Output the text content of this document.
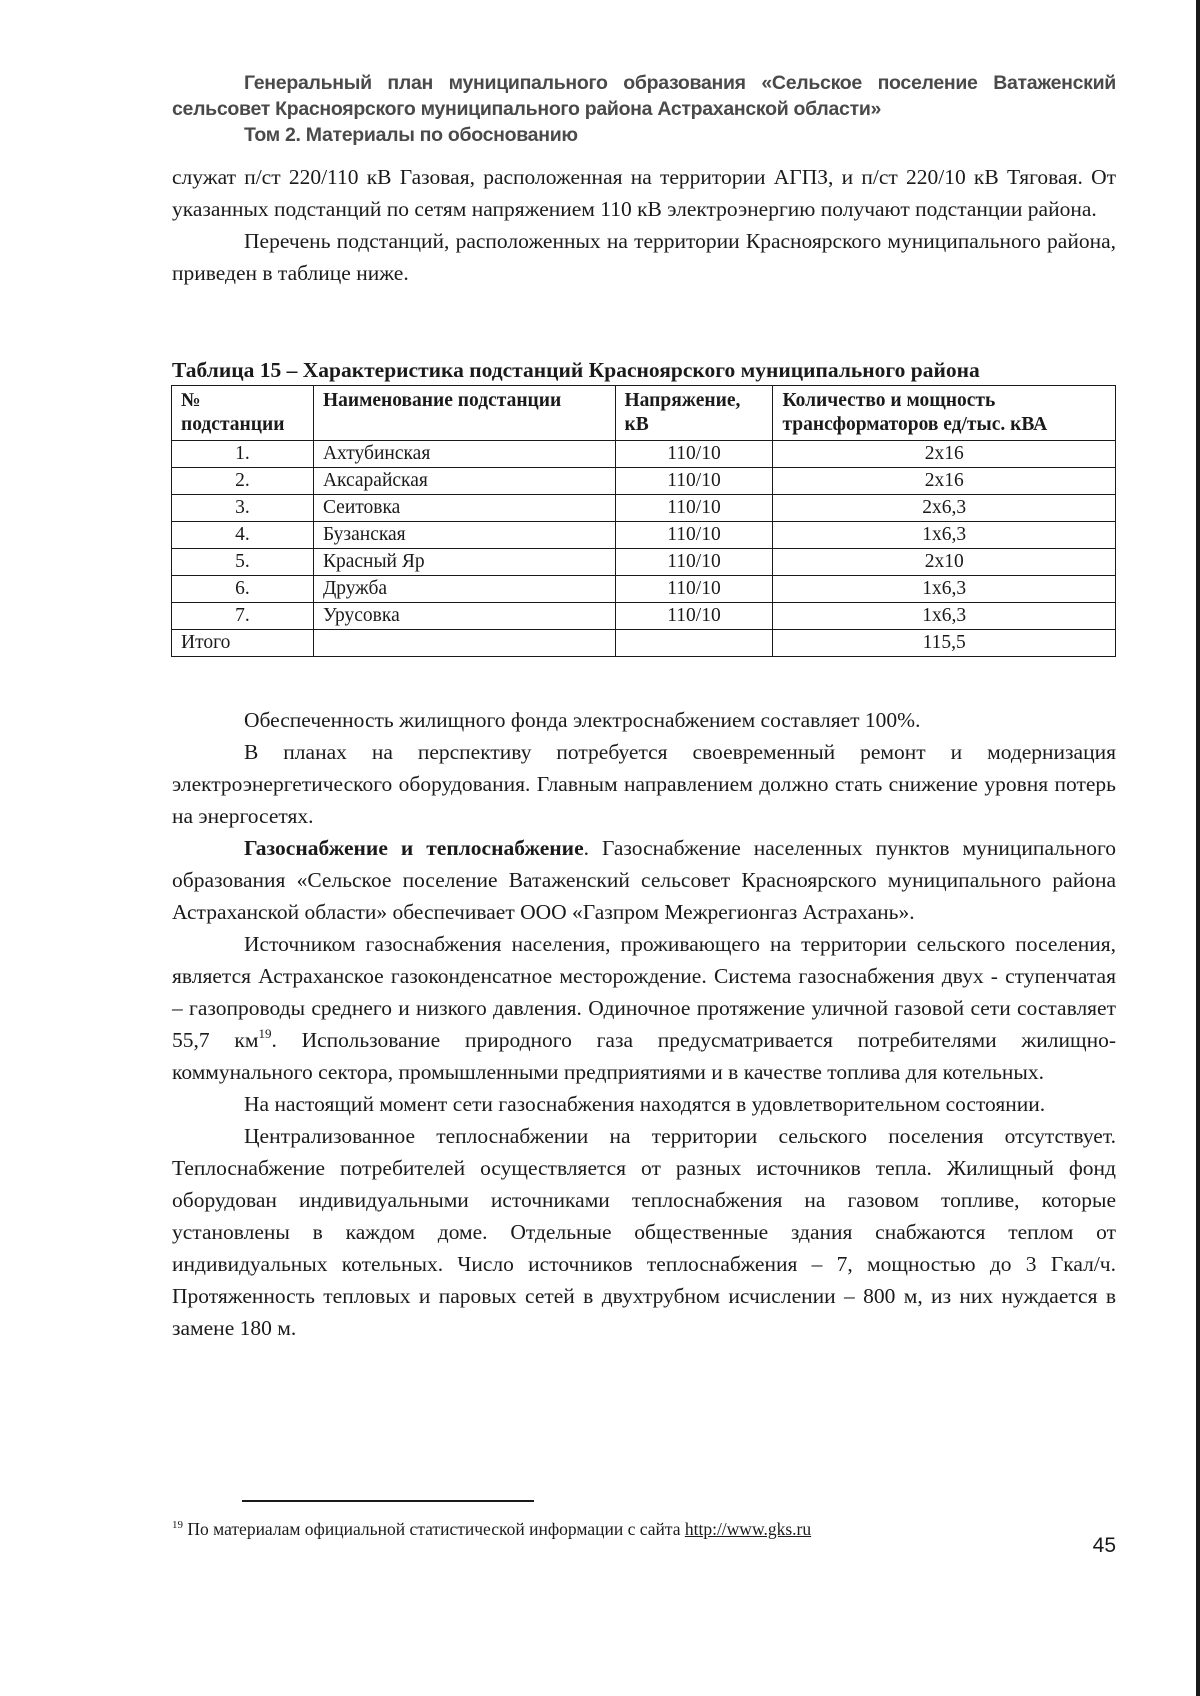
Генеральный план муниципального образования «Сельское поселение Ватаженский
сельсовет Красноярского муниципального района Астраханской области»
Том 2. Материалы по обоснованию

служат п/ст 220/110 кВ Газовая, расположенная на территории АГПЗ, и п/ст 220/10 кВ Тяговая. От указанных подстанций по сетям напряжением 110 кВ электроэнергию получают подстанции района.

Перечень подстанций, расположенных на территории Красноярского муниципального района, приведен в таблице ниже.

Таблица 15 – Характеристика подстанций Красноярского муниципального района
№ подстанции	Наименование подстанции	Напряжение, кВ	Количество и мощность трансформаторов ед/тыс. кВА
1.	Ахтубинская	110/10	2x16
2.	Аксарайская	110/10	2x16
3.	Сеитовка	110/10	2x6,3
4.	Бузанская	110/10	1x6,3
5.	Красный Яр	110/10	2x10
6.	Дружба	110/10	1x6,3
7.	Урусовка	110/10	1x6,3
Итого			115,5

Обеспеченность жилищного фонда электроснабжением составляет 100%.

В планах на перспективу потребуется своевременный ремонт и модернизация электроэнергетического оборудования. Главным направлением должно стать снижение уровня потерь на энергосетях.

Газоснабжение и теплоснабжение. Газоснабжение населенных пунктов муниципального образования «Сельское поселение Ватаженский сельсовет Красноярского муниципального района Астраханской области» обеспечивает ООО «Газпром Межрегионгаз Астрахань».

Источником газоснабжения населения, проживающего на территории сельского поселения, является Астраханское газоконденсатное месторождение. Система газоснабжения двух - ступенчатая – газопроводы среднего и низкого давления. Одиночное протяжение уличной газовой сети составляет 55,7 км$^{19}$. Использование природного газа предусматривается потребителями жилищно-коммунального сектора, промышленными предприятиями и в качестве топлива для котельных.

На настоящий момент сети газоснабжения находятся в удовлетворительном состоянии.

Централизованное теплоснабжении на территории сельского поселения отсутствует. Теплоснабжение потребителей осуществляется от разных источников тепла. Жилищный фонд оборудован индивидуальными источниками теплоснабжения на газовом топливе, которые установлены в каждом доме. Отдельные общественные здания снабжаются теплом от индивидуальных котельных. Число источников теплоснабжения – 7, мощностью до 3 Гкал/ч. Протяженность тепловых и паровых сетей в двухтрубном исчислении – 800 м, из них нуждается в замене 180 м.

$^{19}$ По материалам официальной статистической информации с сайта http://www.gks.ru
45
